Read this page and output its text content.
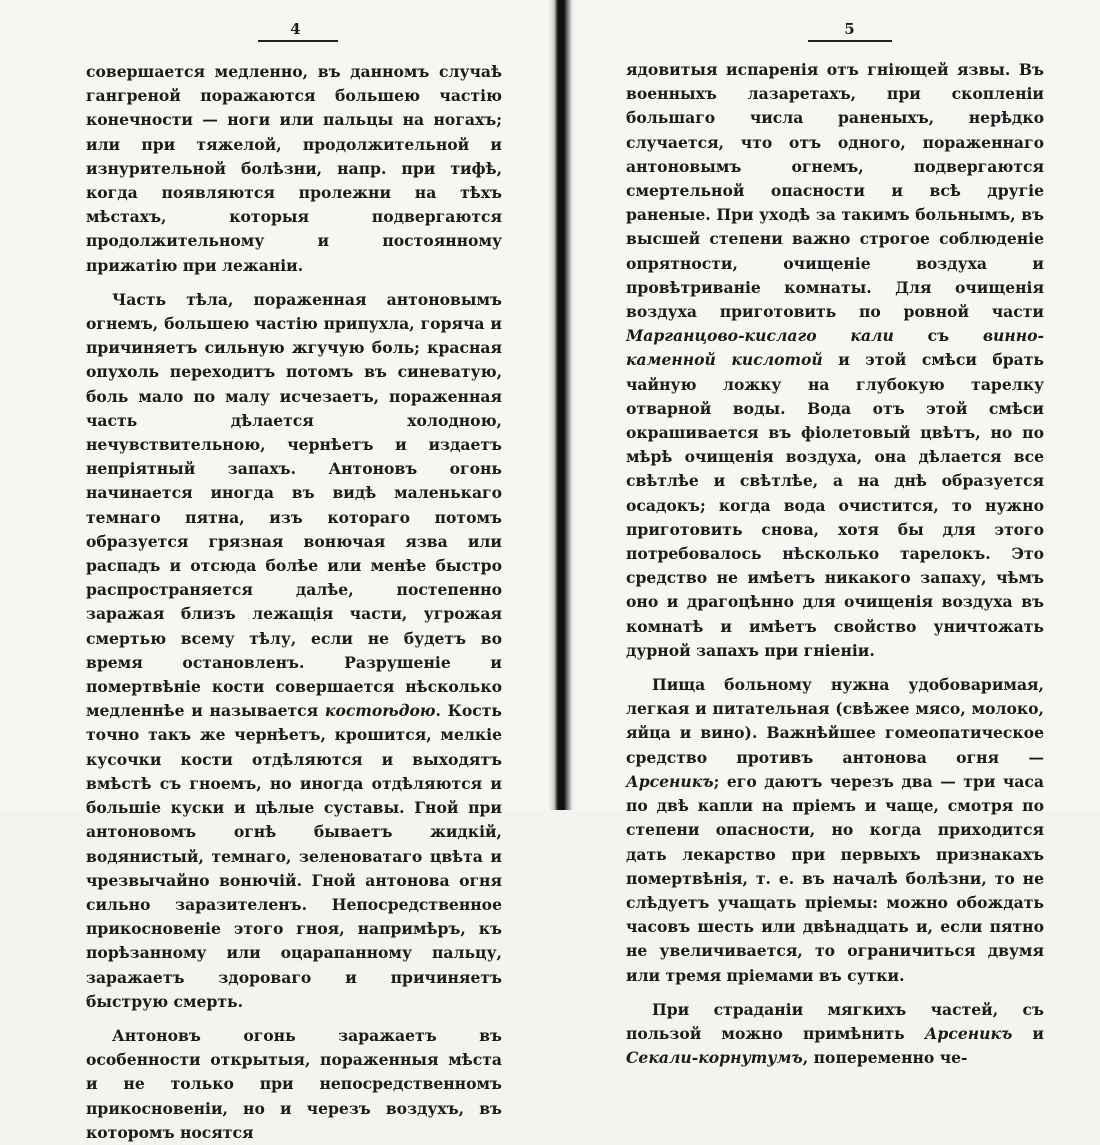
4

совершается медленно, въ данномъ случаѣ гангреной поражаются большею частію конечности — ноги или пальцы на ногахъ; или при тяжелой, продолжительной и изнурительной болѣзни, напр. при тифѣ, когда появляются пролежни на тѣхъ мѣстахъ, которыя подвергаются продолжительному и постоянному прижатію при лежаніи.

Часть тѣла, пораженная антоновымъ огнемъ, большею частію припухла, горяча и причиняетъ сильную жгучую боль; красная опухоль переходитъ потомъ въ синеватую, боль мало по малу исчезаетъ, пораженная часть дѣлается холодною, нечувствительною, чернѣетъ и издаетъ непріятный запахъ. Антоновъ огонь начинается иногда въ видѣ маленькаго темнаго пятна, изъ котораго потомъ образуется грязная вонючая язва или распадъ и отсюда болѣе или менѣе быстро распространяется далѣе, постепенно заражая близъ лежащія части, угрожая смертью всему тѣлу, если не будетъ во время остановленъ. Разрушеніе и помертвѣніе кости совершается нѣсколько медленнѣе и называется костоѣдою. Кость точно такъ же чернѣетъ, крошится, мелкіе кусочки кости отдѣляются и выходятъ вмѣстѣ съ гноемъ, но иногда отдѣляются и большіе куски и цѣлые суставы. Гной при антоновомъ огнѣ бываетъ жидкій, водянистый, темнаго, зеленоватаго цвѣта и чрезвычайно вонючій. Гной антонова огня сильно заразителенъ. Непосредственное прикосновеніе этого гноя, напримѣръ, къ порѣзанному или оцарапанному пальцу, заражаетъ здороваго и причиняетъ быструю смерть.

Антоновъ огонь заражаетъ въ особенности открытыя, пораженныя мѣста и не только при непосредственномъ прикосновеніи, но и черезъ воздухъ, въ которомъ носятся

5

ядовитыя испаренія отъ гніющей язвы. Въ военныхъ лазаретахъ, при скопленіи большаго числа раненыхъ, нерѣдко случается, что отъ одного, пораженнаго антоновымъ огнемъ, подвергаются смертельной опасности и всѣ другіе раненые. При уходѣ за такимъ больнымъ, въ высшей степени важно строгое соблюденіе опрятности, очищеніе воздуха и провѣтриваніе комнаты. Для очищенія воздуха приготовить по ровной части Марганцово-кислаго кали съ винно-каменной кислотой и этой смѣси брать чайную ложку на глубокую тарелку отварной воды. Вода отъ этой смѣси окрашивается въ фіолетовый цвѣтъ, но по мѣрѣ очищенія воздуха, она дѣлается все свѣтлѣе и свѣтлѣе, а на днѣ образуется осадокъ; когда вода очистится, то нужно приготовить снова, хотя бы для этого потребовалось нѣсколько тарелокъ. Это средство не имѣетъ никакого запаху, чѣмъ оно и драгоцѣнно для очищенія воздуха въ комнатѣ и имѣетъ свойство уничтожать дурной запахъ при гніеніи.

Пища больному нужна удобоваримая, легкая и питательная (свѣжее мясо, молоко, яйца и вино). Важнѣйшее гомеопатическое средство противъ антонова огня — Арсеникъ; его даютъ черезъ два — три часа по двѣ капли на пріемъ и чаще, смотря по степени опасности, но когда приходится дать лекарство при первыхъ признакахъ помертвѣнія, т. е. въ началѣ болѣзни, то не слѣдуетъ учащать пріемы: можно обождать часовъ шесть или двѣнадцать и, если пятно не увеличивается, то ограничиться двумя или тремя пріемами въ сутки.

При страданіи мягкихъ частей, съ пользой можно примѣнить Арсеникъ и Секали-корнутумъ, попеременно че-
